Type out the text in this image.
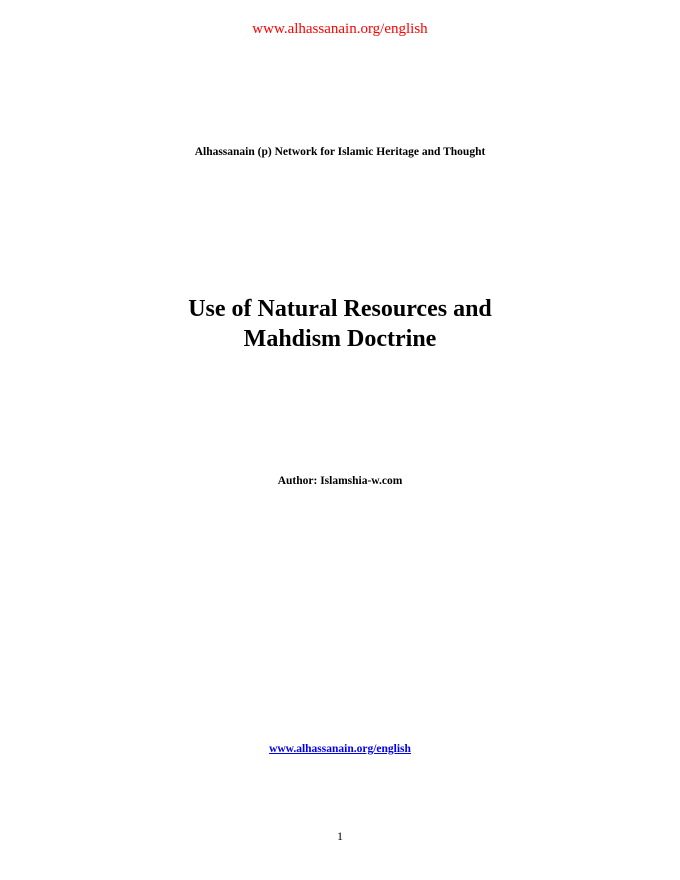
www.alhassanain.org/english
Alhassanain (p) Network for Islamic Heritage and Thought
Use of Natural Resources and
Mahdism Doctrine
Author: Islamshia-w.com
www.alhassanain.org/english
1
